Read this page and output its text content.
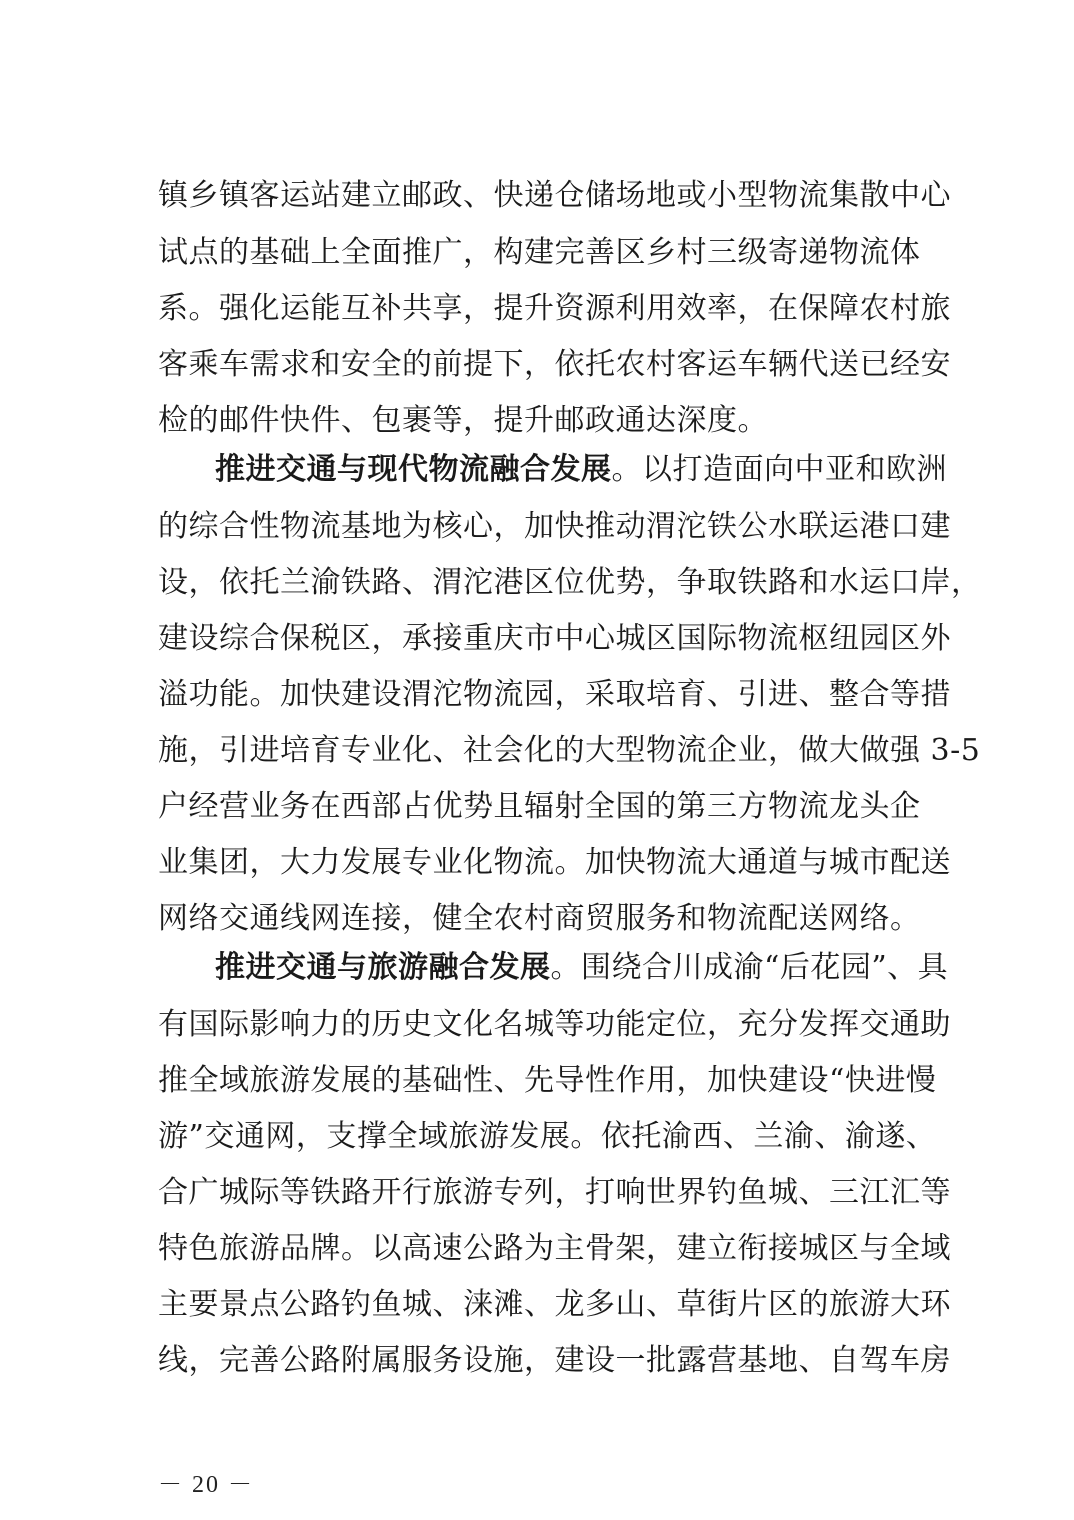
镇乡镇客运站建立邮政、快递仓储场地或小型物流集散中心
试点的基础上全面推广，构建完善区乡村三级寄递物流体
系。强化运能互补共享，提升资源利用效率，在保障农村旅
客乘车需求和安全的前提下，依托农村客运车辆代送已经安
检的邮件快件、包裹等，提升邮政通达深度。
推进交通与现代物流融合发展。以打造面向中亚和欧洲
的综合性物流基地为核心，加快推动渭沱铁公水联运港口建
设，依托兰渝铁路、渭沱港区位优势，争取铁路和水运口岸，
建设综合保税区，承接重庆市中心城区国际物流枢纽园区外
溢功能。加快建设渭沱物流园，采取培育、引进、整合等措
施，引进培育专业化、社会化的大型物流企业，做大做强 3-5
户经营业务在西部占优势且辐射全国的第三方物流龙头企
业集团，大力发展专业化物流。加快物流大通道与城市配送
网络交通线网连接，健全农村商贸服务和物流配送网络。
推进交通与旅游融合发展。围绕合川成渝“后花园”、具
有国际影响力的历史文化名城等功能定位，充分发挥交通助
推全域旅游发展的基础性、先导性作用，加快建设“快进慢
游”交通网，支撑全域旅游发展。依托渝西、兰渝、渝遂、
合广城际等铁路开行旅游专列，打响世界钓鱼城、三江汇等
特色旅游品牌。以高速公路为主骨架，建立衔接城区与全域
主要景点公路钓鱼城、涞滩、龙多山、草街片区的旅游大环
线，完善公路附属服务设施，建设一批露营基地、自驾车房
－ 20 －
